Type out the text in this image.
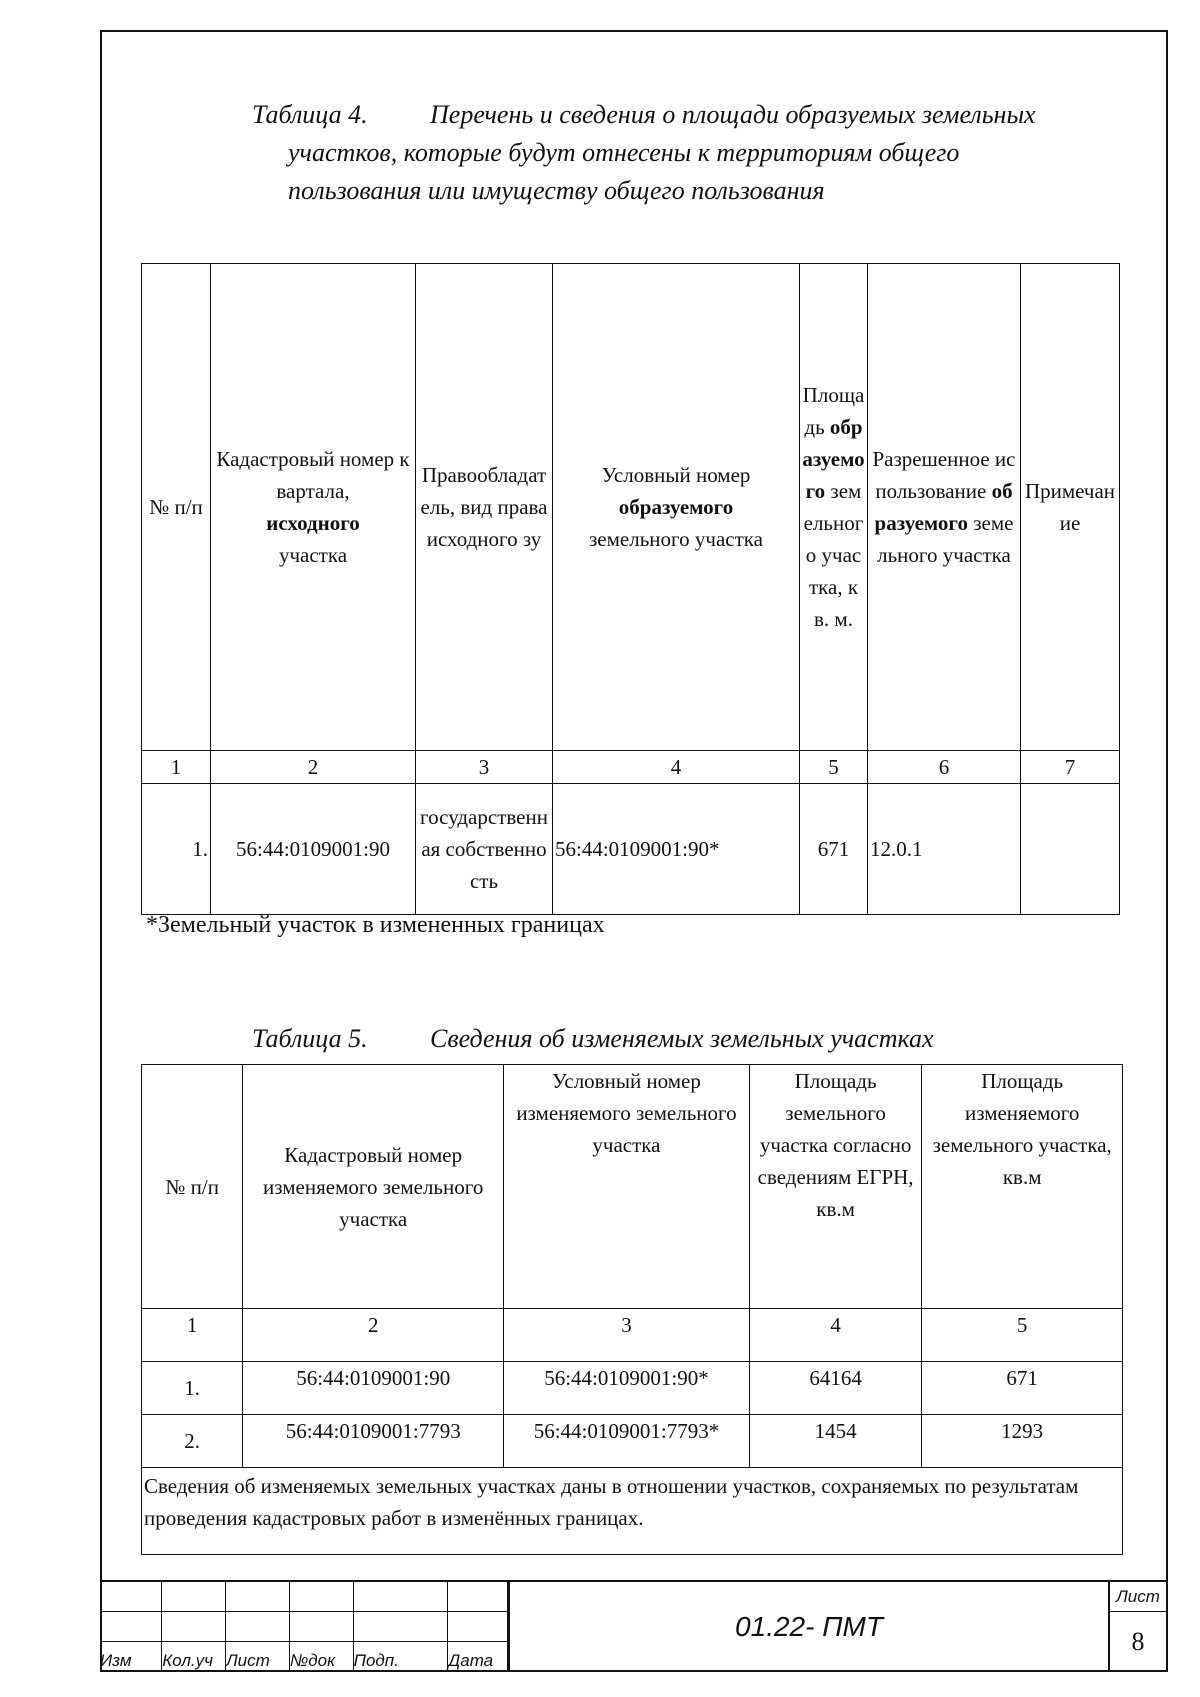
Таблица 4. Перечень и сведения о площади образуемых земельных
участков, которые будут отнесены к территориям общего
пользования или имуществу общего пользования
№ п/п	Кадастровый номер квартала,
исходного
участка	Правообладатель, вид права исходного зу	Условный номер
образуемого
земельного участка	Площадь образуемого земельного участка, кв. м.	Разрешенное использование образуемого земельного участка	Примечание
1	2	3	4	5	6	7
1.	56:44:0109001:90	государственная собственность	56:44:0109001:90*	671	12.0.1	
*Земельный участок в измененных границах
Таблица 5. Сведения об изменяемых земельных участках
№ п/п	Кадастровый номер изменяемого земельного участка	Условный номер изменяемого земельного участка	Площадь земельного участка согласно сведениям ЕГРН, кв.м	Площадь изменяемого земельного участка, кв.м
1	2	3	4	5
1.	56:44:0109001:90	56:44:0109001:90*	64164	671
2.	56:44:0109001:7793	56:44:0109001:7793*	1454	1293
Сведения об изменяемых земельных участках даны в отношении участков, сохраняемых по результатам проведения кадастровых работ в изменённых границах.				

Изм	Кол.уч	Лист	№док	Подп.	Дата
01.22- ПМТ
Лист
8
